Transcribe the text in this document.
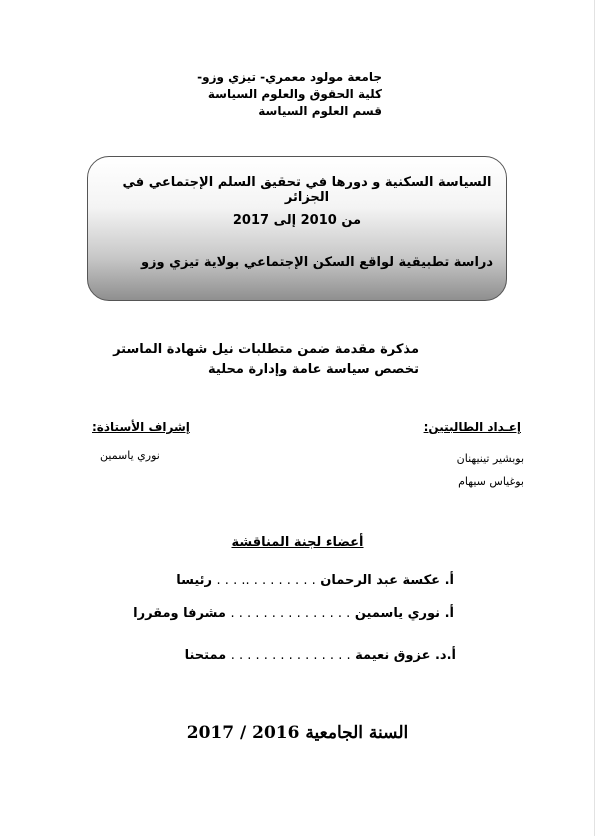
جامعة مولود معمري- تيزي وزو-
كلية الحقوق والعلوم السياسة
قسم العلوم السياسة
السياسة السكنية و دورها في تحقيق السلم الإجتماعي في الجزائر
من 2010 إلى 2017
دراسة تطبيقية لواقع السكن الإجتماعي بولاية تيزي وزو
مذكرة مقدمة ضمن متطلبات نيل شهادة الماستر
تخصص سياسة عامة وإدارة محلية
إعـداد الطالبتين:
بوبشير تينيهنان
بوغياس سيهام
إشراف الأستاذة:
نوري ياسمين
أعضاء لجنة المناقشة
أ. عكسة عبد الرحمان . . . . . . . . .. . . . رئيسا
أ. نوري ياسمين . . . . . . . . . . . . . . . مشرفا ومقررا
أ.د. عزوق نعيمة . . . . . . . . . . . . . . . ممتحنا
السنة الجامعية 2016 / 2017
